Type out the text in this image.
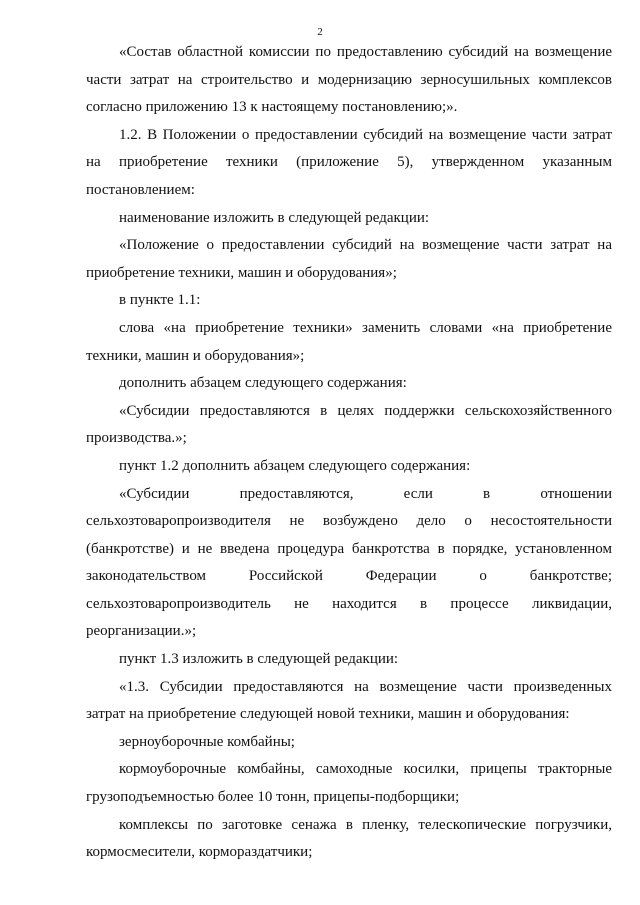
2

«Состав областной комиссии по предоставлению субсидий на возмещение части затрат на строительство и модернизацию зерносушильных комплексов согласно приложению 13 к настоящему постановлению;».

1.2. В Положении о предоставлении субсидий на возмещение части затрат на приобретение техники (приложение 5), утвержденном указанным постановлением:

наименование изложить в следующей редакции:

«Положение о предоставлении субсидий на возмещение части затрат на приобретение техники, машин и оборудования»;

в пункте 1.1:

слова «на приобретение техники» заменить словами «на приобретение техники, машин и оборудования»;

дополнить абзацем следующего содержания:

«Субсидии предоставляются в целях поддержки сельскохозяйственного производства.»;

пункт 1.2 дополнить абзацем следующего содержания:

«Субсидии предоставляются, если в отношении сельхозтоваропроизводителя не возбуждено дело о несостоятельности (банкротстве) и не введена процедура банкротства в порядке, установленном законодательством Российской Федерации о банкротстве; сельхозтоваропроизводитель не находится в процессе ликвидации, реорганизации.»;

пункт 1.3 изложить в следующей редакции:

«1.3. Субсидии предоставляются на возмещение части произведенных затрат на приобретение следующей новой техники, машин и оборудования:

зерноуборочные комбайны;

кормоуборочные комбайны, самоходные косилки, прицепы тракторные грузоподъемностью более 10 тонн, прицепы-подборщики;

комплексы по заготовке сенажа в пленку, телескопические погрузчики, кормосмесители, кормораздатчики;
